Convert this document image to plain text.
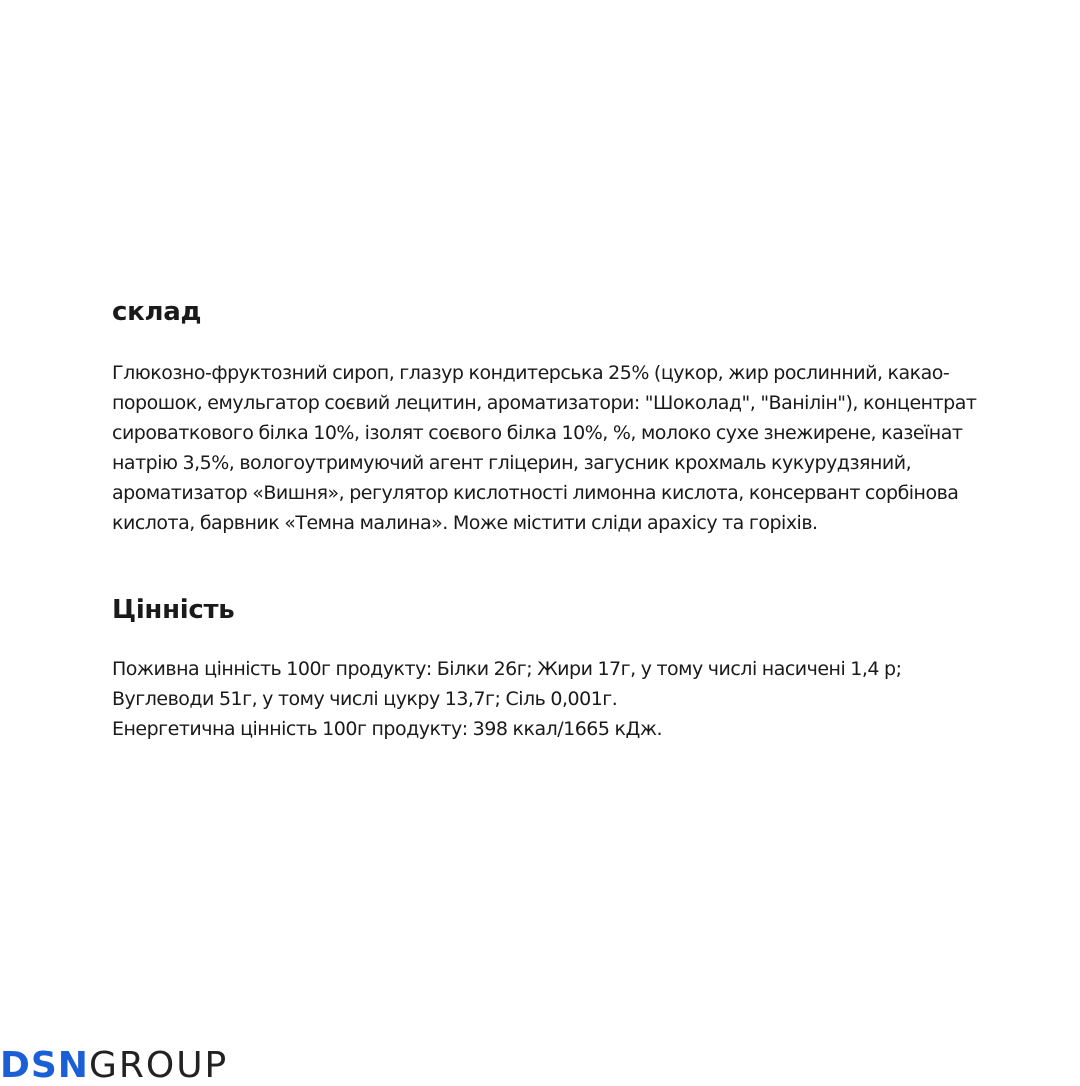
склад

Глюкозно-фруктозний сироп, глазур кондитерська 25% (цукор, жир рослинний, какао-порошок, емульгатор соєвий лецитин, ароматизатори: "Шоколад", "Ванілін"), концентрат сироваткового білка 10%, ізолят соєвого білка 10%, %, молоко сухе знежирене, казеїнат натрію 3,5%, вологоутримуючий агент гліцерин, загусник крохмаль кукурудзяний, ароматизатор «Вишня», регулятор кислотності лимонна кислота, консервант сорбінова кислота, барвник «Темна малина». Може містити сліди арахісу та горіхів.

Цінність

Поживна цінність 100г продукту: Білки 26г; Жири 17г, у тому числі насичені 1,4 р;
Вуглеводи 51г, у тому числі цукру 13,7г; Сіль 0,001г.
Енергетична цінність 100г продукту: 398 ккал/1665 кДж.

DSN GROUP
